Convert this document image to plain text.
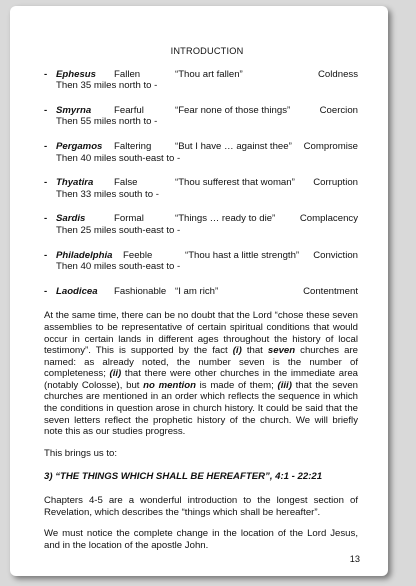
INTRODUCTION
- Ephesus Fallen	“Thou art fallen”	Coldness
Then 35 miles north to -
- Smyrna Fearful	“Fear none of those things”	Coercion
Then 55 miles north to -
- Pergamos Faltering “But I have … against thee” Compromise
Then 40 miles south-east to -
- Thyatira False	“Thou sufferest that woman” Corruption
Then 33 miles south to -
- Sardis	Formal	“Things … ready to die”	Complacency
Then 25 miles south-east to -
- Philadelphia Feeble	“Thou hast a little strength” Conviction
Then 40 miles south-east to -
- Laodicea Fashionable “I am rich”	Contentment

At the same time, there can be no doubt that the Lord “chose these seven assemblies to be representative of certain spiritual conditions that would occur in certain lands in different ages throughout the history of local testimony”. This is supported by the fact (i) that seven churches are named: as already noted, the number seven is the number of completeness; (ii) that there were other churches in the immediate area (notably Colosse), but no mention is made of them; (iii) that the seven churches are mentioned in an order which reflects the sequence in which the conditions in question arose in church history. It could be said that the seven letters reflect the prophetic history of the church. We will briefly note this as our studies progress.

This brings us to:

3) “THE THINGS WHICH SHALL BE HEREAFTER”, 4:1 - 22:21

Chapters 4-5 are a wonderful introduction to the longest section of Revelation, which describes the “things which shall be hereafter”.

We must notice the complete change in the location of the Lord Jesus, and in the location of the apostle John.

13
